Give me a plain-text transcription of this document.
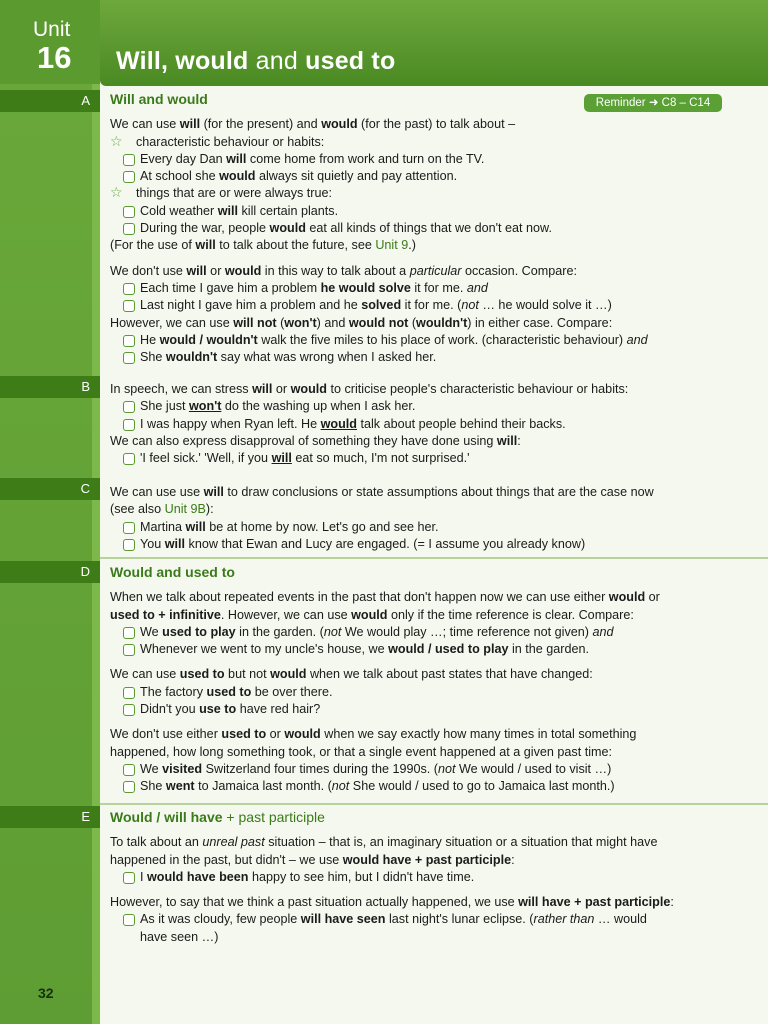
Unit
16 Will, would and used to
Reminder ➜ C8 – C14
A
B
C
D
E
Will and would

We can use will (for the present) and would (for the past) to talk about –

☆ characteristic behaviour or habits:

Every day Dan will come home from work and turn on the TV.

At school she would always sit quietly and pay attention.

☆ things that are or were always true:

Cold weather will kill certain plants.

During the war, people would eat all kinds of things that we don't eat now.

(For the use of will to talk about the future, see Unit 9.)

We don't use will or would in this way to talk about a particular occasion. Compare:

Each time I gave him a problem he would solve it for me. and

Last night I gave him a problem and he solved it for me. (not … he would solve it …)

However, we can use will not (won't) and would not (wouldn't) in either case. Compare:

He would / wouldn't walk the five miles to his place of work. (characteristic behaviour) and

She wouldn't say what was wrong when I asked her.

In speech, we can stress will or would to criticise people's characteristic behaviour or habits:

She just won't do the washing up when I ask her.

I was happy when Ryan left. He would talk about people behind their backs.

We can also express disapproval of something they have done using will:

'I feel sick.' 'Well, if you will eat so much, I'm not surprised.'

We can use use will to draw conclusions or state assumptions about things that are the case now

(see also Unit 9B):

Martina will be at home by now. Let's go and see her.

You will know that Ewan and Lucy are engaged. (= I assume you already know)

Would and used to

When we talk about repeated events in the past that don't happen now we can use either would or

used to + infinitive. However, we can use would only if the time reference is clear. Compare:

We used to play in the garden. (not We would play …; time reference not given) and

Whenever we went to my uncle's house, we would / used to play in the garden.

We can use used to but not would when we talk about past states that have changed:

The factory used to be over there.

Didn't you use to have red hair?

We don't use either used to or would when we say exactly how many times in total something

happened, how long something took, or that a single event happened at a given past time:

We visited Switzerland four times during the 1990s. (not We would / used to visit …)

She went to Jamaica last month. (not She would / used to go to Jamaica last month.)

Would / will have + past participle

To talk about an unreal past situation – that is, an imaginary situation or a situation that might have

happened in the past, but didn't – we use would have + past participle:

I would have been happy to see him, but I didn't have time.

However, to say that we think a past situation actually happened, we use will have + past participle:

As it was cloudy, few people will have seen last night's lunar eclipse. (rather than … would

have seen …)

32
